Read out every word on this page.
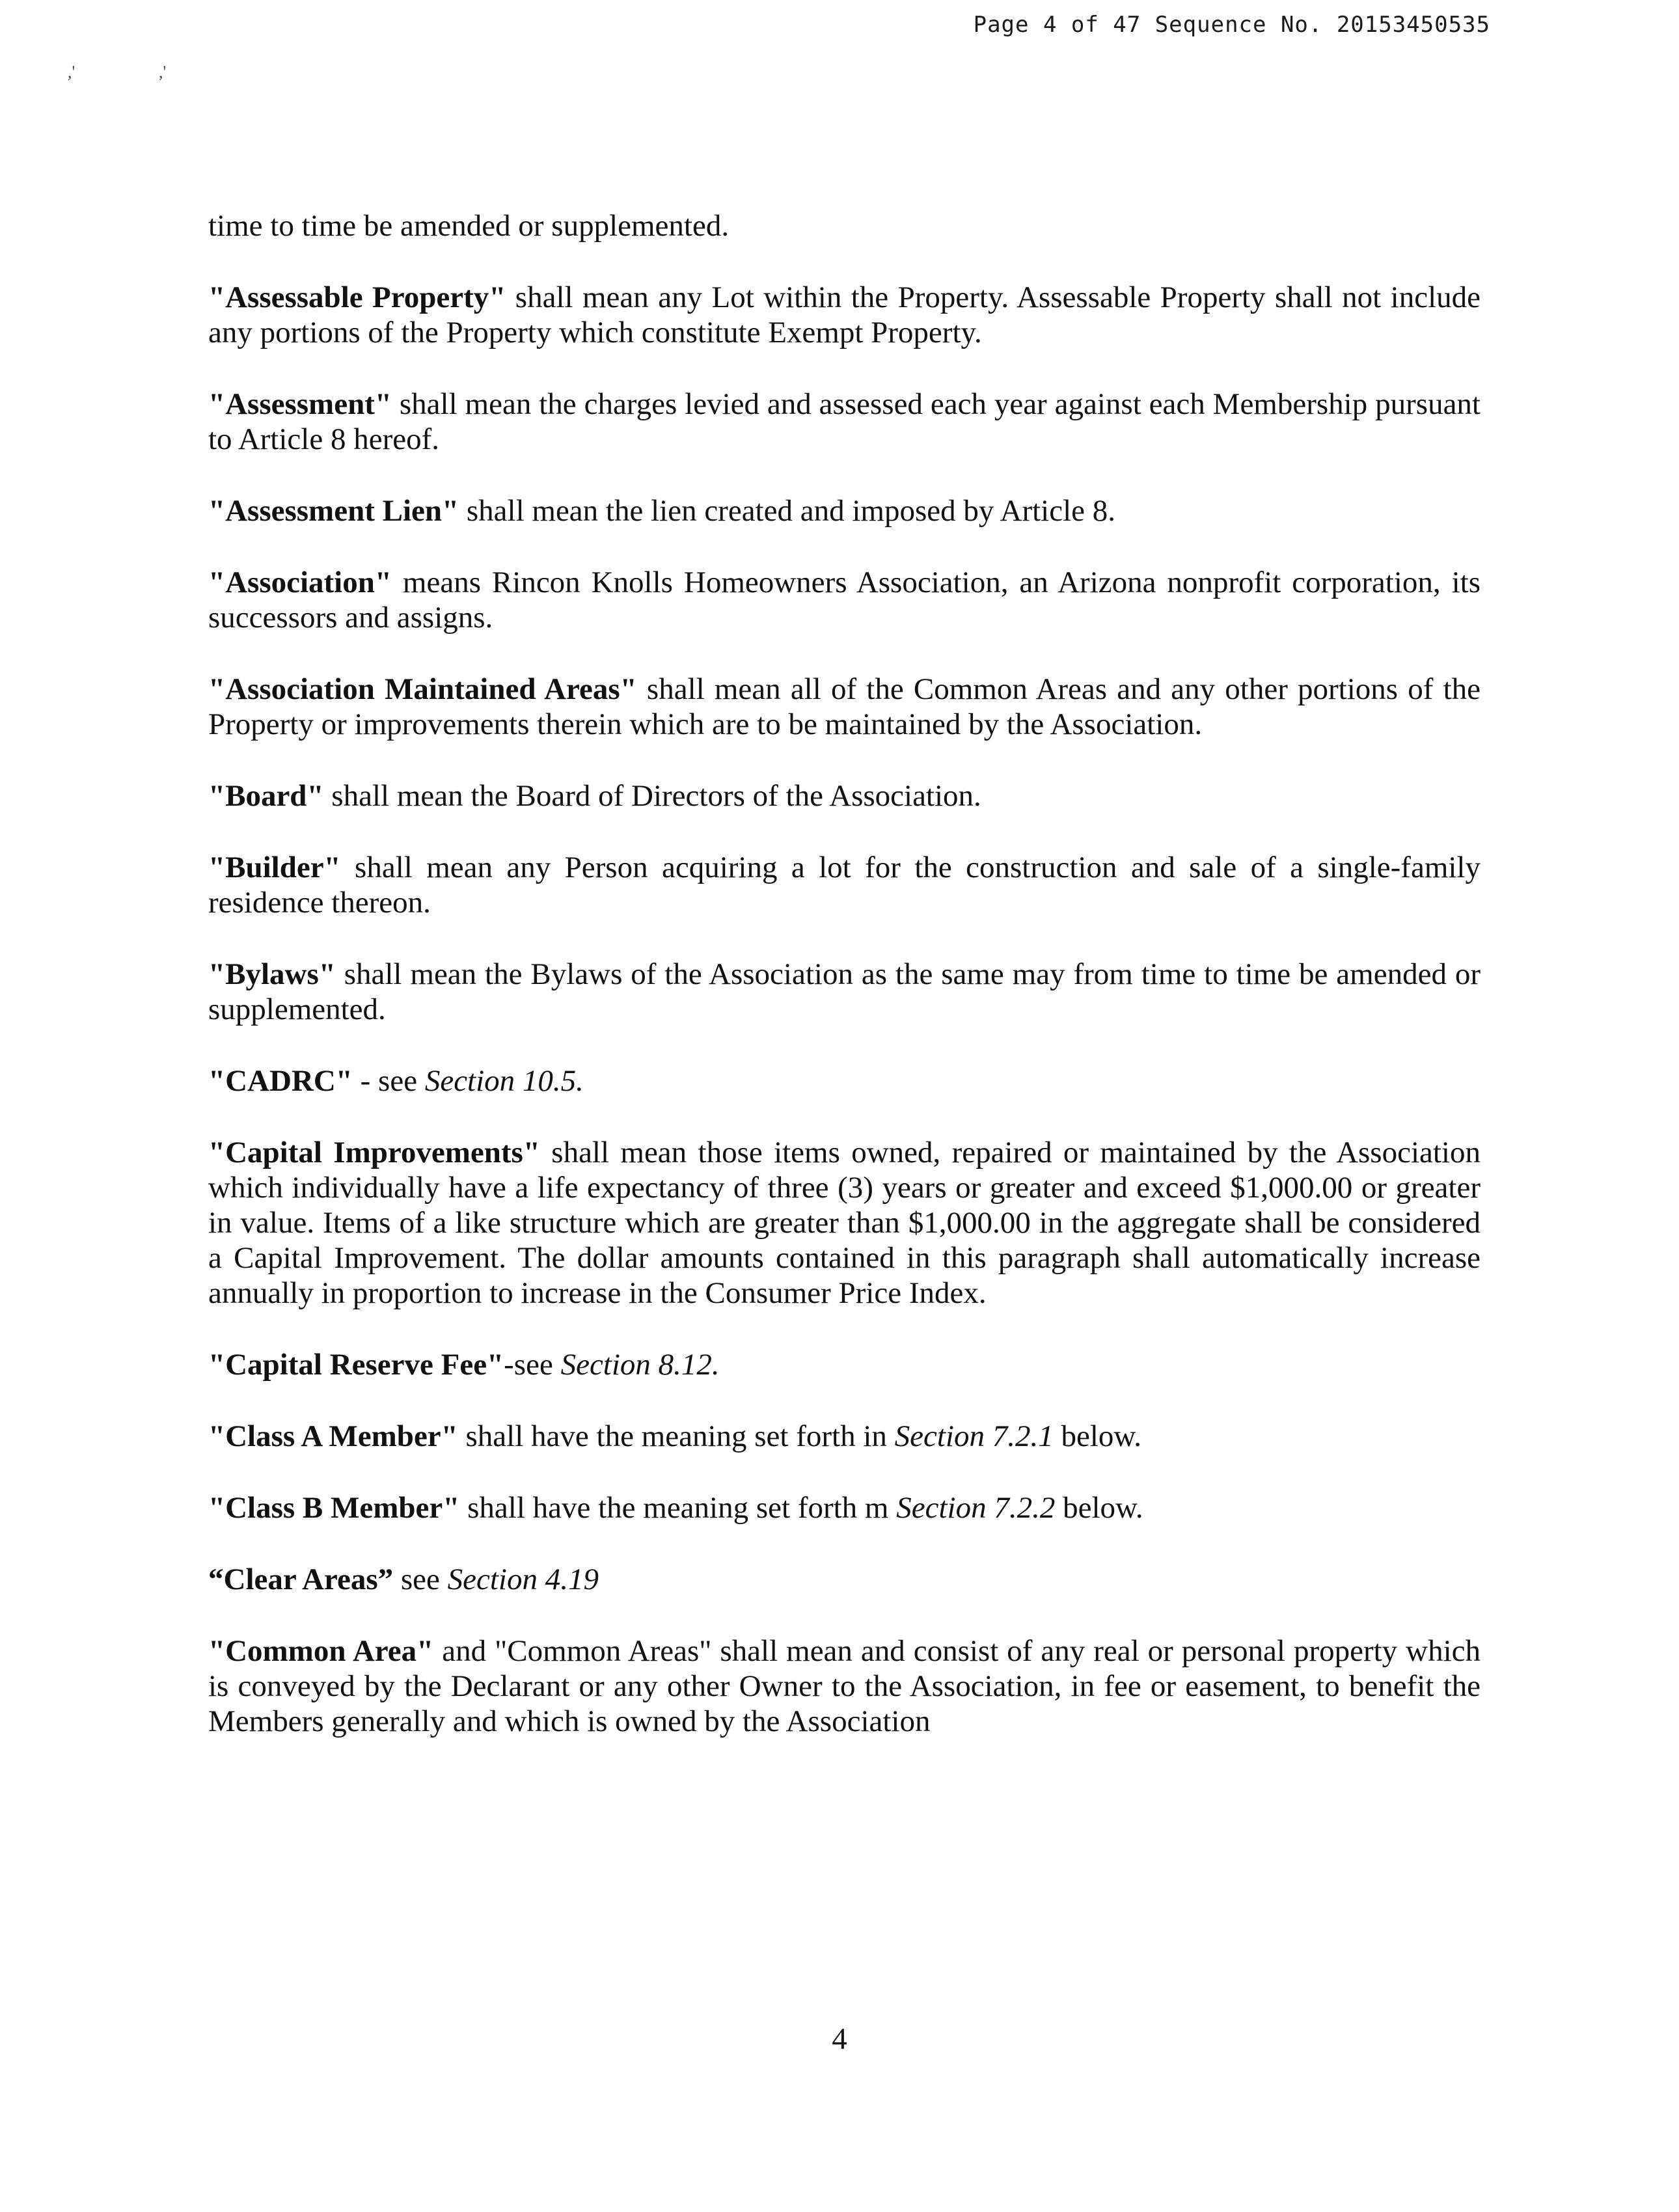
Page 4 of 47 Sequence No. 20153450535
,'	,'

time to time be amended or supplemented.

"Assessable Property" shall mean any Lot within the Property. Assessable Property shall not include any portions of the Property which constitute Exempt Property.

"Assessment" shall mean the charges levied and assessed each year against each Membership pursuant to Article 8 hereof.

"Assessment Lien" shall mean the lien created and imposed by Article 8.

"Association" means Rincon Knolls Homeowners Association, an Arizona nonprofit corporation, its successors and assigns.

"Association Maintained Areas" shall mean all of the Common Areas and any other portions of the Property or improvements therein which are to be maintained by the Association.

"Board" shall mean the Board of Directors of the Association.

"Builder" shall mean any Person acquiring a lot for the construction and sale of a single-family residence thereon.

"Bylaws" shall mean the Bylaws of the Association as the same may from time to time be amended or supplemented.

"CADRC" - see Section 10.5.

"Capital Improvements" shall mean those items owned, repaired or maintained by the Association which individually have a life expectancy of three (3) years or greater and exceed $1,000.00 or greater in value. Items of a like structure which are greater than $1,000.00 in the aggregate shall be considered a Capital Improvement. The dollar amounts contained in this paragraph shall automatically increase annually in proportion to increase in the Consumer Price Index.

"Capital Reserve Fee"-see Section 8.12.

"Class A Member" shall have the meaning set forth in Section 7.2.1 below.

"Class B Member" shall have the meaning set forth m Section 7.2.2 below.

“Clear Areas” see Section 4.19

"Common Area" and "Common Areas" shall mean and consist of any real or personal property which is conveyed by the Declarant or any other Owner to the Association, in fee or easement, to benefit the Members generally and which is owned by the Association

4
